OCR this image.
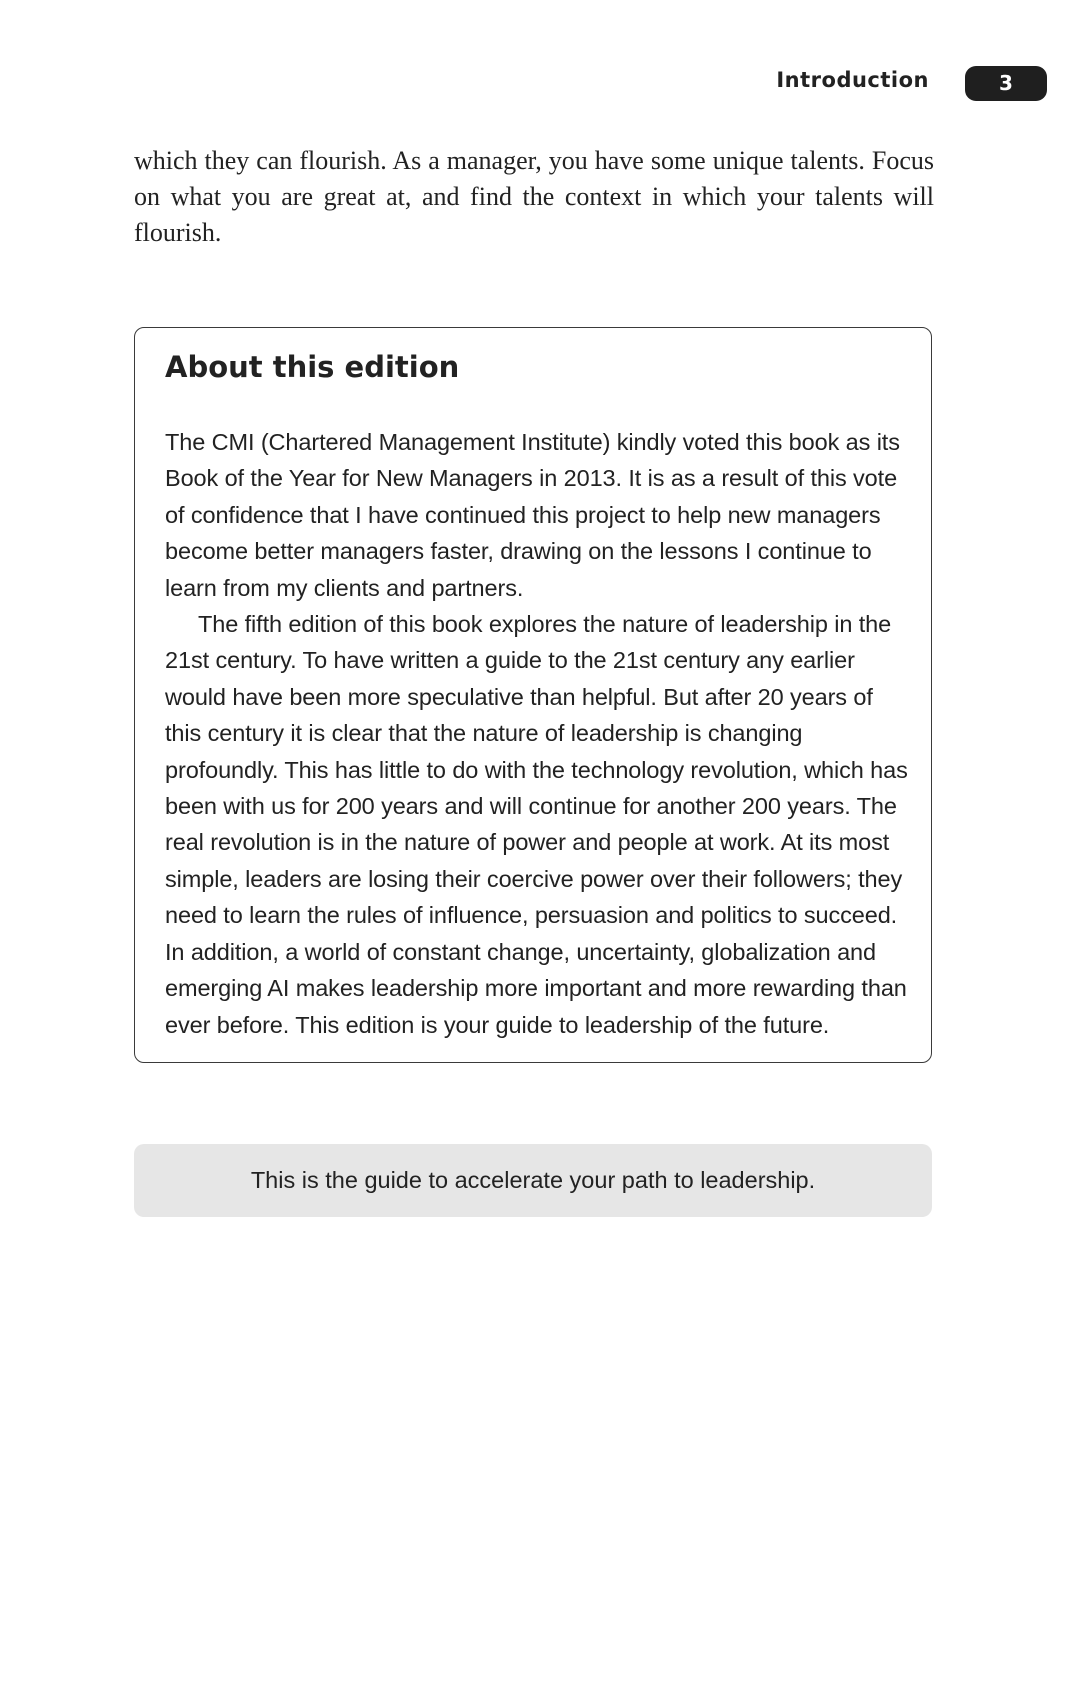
Introduction	3

which they can flourish. As a manager, you have some unique talents. Focus on what you are great at, and find the context in which your talents will flourish.

About this edition

The CMI (Chartered Management Institute) kindly voted this book as its Book of the Year for New Managers in 2013. It is as a result of this vote of confidence that I have continued this project to help new managers become better managers faster, drawing on the lessons I continue to learn from my clients and partners.

The fifth edition of this book explores the nature of leadership in the 21st century. To have written a guide to the 21st century any earlier would have been more speculative than helpful. But after 20 years of this century it is clear that the nature of leadership is changing profoundly. This has little to do with the technology revolution, which has been with us for 200 years and will continue for another 200 years. The real revolution is in the nature of power and people at work. At its most simple, leaders are losing their coercive power over their followers; they need to learn the rules of influence, persuasion and politics to succeed. In addition, a world of constant change, uncertainty, globalization and emerging AI makes leadership more important and more rewarding than ever before. This edition is your guide to leadership of the future.

This is the guide to accelerate your path to leadership.
